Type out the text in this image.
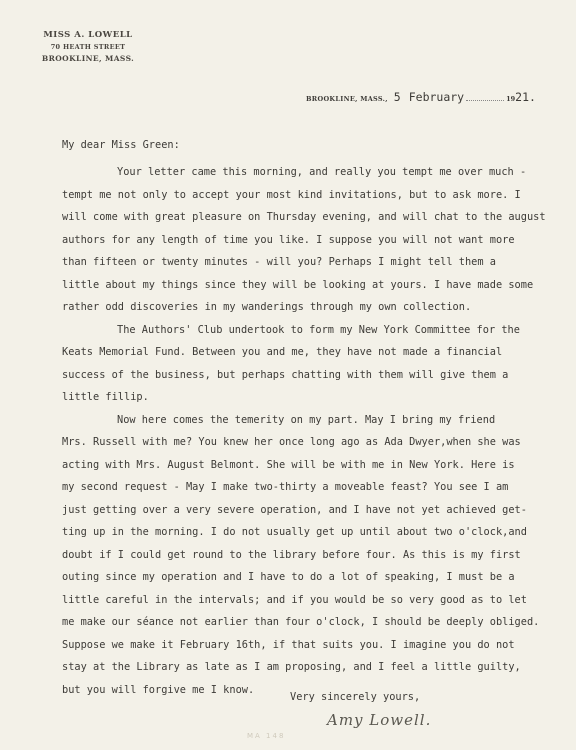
MISS A. LOWELL
70 HEATH STREET
BROOKLINE, MASS.
BROOKLINE, MASS., 5 February	19 21.
My dear Miss Green:
Your letter came this morning, and really you tempt me over much -
tempt me not only to accept your most kind invitations, but to ask more. I
will come with great pleasure on Thursday evening, and will chat to the august
authors for any length of time you like. I suppose you will not want more
than fifteen or twenty minutes - will you? Perhaps I might tell them a
little about my things since they will be looking at yours. I have made some
rather odd discoveries in my wanderings through my own collection.
The Authors' Club undertook to form my New York Committee for the
Keats Memorial Fund. Between you and me, they have not made a financial
success of the business, but perhaps chatting with them will give them a
little fillip.
Now here comes the temerity on my part. May I bring my friend
Mrs. Russell with me? You knew her once long ago as Ada Dwyer,when she was
acting with Mrs. August Belmont. She will be with me in New York. Here is
my second request - May I make two-thirty a moveable feast? You see I am
just getting over a very severe operation, and I have not yet achieved get-
ting up in the morning. I do not usually get up until about two o'clock,and
doubt if I could get round to the library before four. As this is my first
outing since my operation and I have to do a lot of speaking, I must be a
little careful in the intervals; and if you would be so very good as to let
me make our séance not earlier than four o'clock, I should be deeply obliged.
Suppose we make it February 16th, if that suits you. I imagine you do not
stay at the Library as late as I am proposing, and I feel a little guilty,
but you will forgive me I know.
Very sincerely yours,
Amy Lowell.
MA 148
